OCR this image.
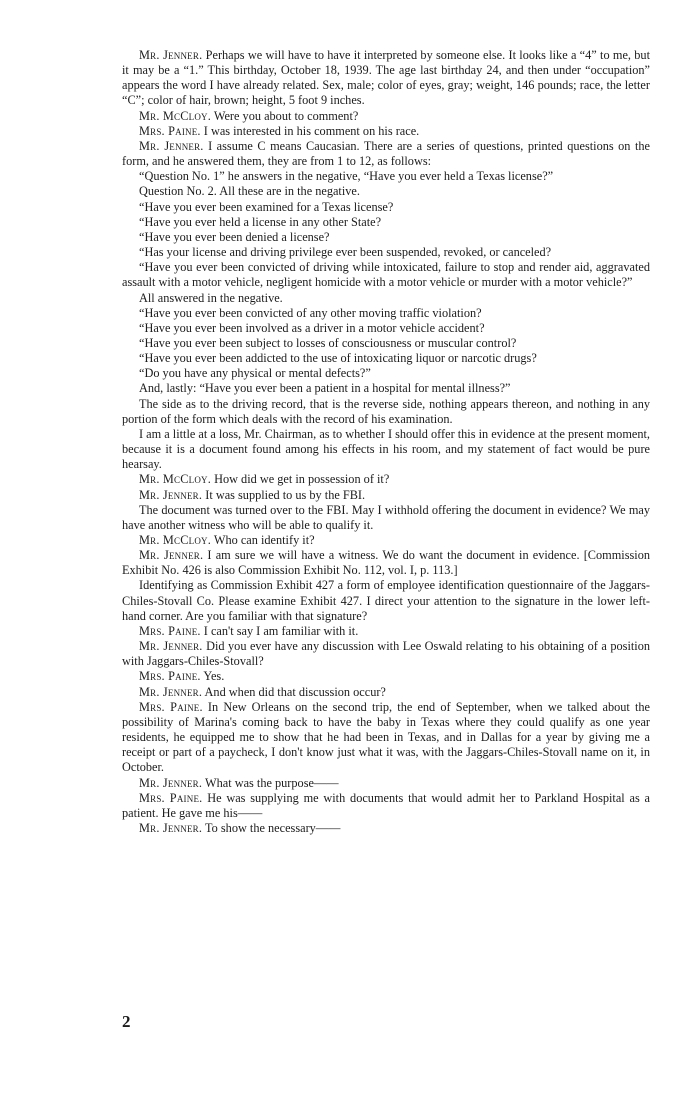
Mr. Jenner. Perhaps we will have to have it interpreted by someone else. It looks like a “4” to me, but it may be a “1.” This birthday, October 18, 1939. The age last birthday 24, and then under “occupation” appears the word I have already related. Sex, male; color of eyes, gray; weight, 146 pounds; race, the letter “C”; color of hair, brown; height, 5 foot 9 inches.

Mr. McCloy. Were you about to comment?

Mrs. Paine. I was interested in his comment on his race.

Mr. Jenner. I assume C means Caucasian. There are a series of questions, printed questions on the form, and he answered them, they are from 1 to 12, as follows:

“Question No. 1” he answers in the negative, “Have you ever held a Texas license?”

Question No. 2. All these are in the negative.

“Have you ever been examined for a Texas license?

“Have you ever held a license in any other State?

“Have you ever been denied a license?

“Has your license and driving privilege ever been suspended, revoked, or canceled?

“Have you ever been convicted of driving while intoxicated, failure to stop and render aid, aggravated assault with a motor vehicle, negligent homicide with a motor vehicle or murder with a motor vehicle?”

All answered in the negative.

“Have you ever been convicted of any other moving traffic violation?

“Have you ever been involved as a driver in a motor vehicle accident?

“Have you ever been subject to losses of consciousness or muscular control?

“Have you ever been addicted to the use of intoxicating liquor or narcotic drugs?

“Do you have any physical or mental defects?”

And, lastly: “Have you ever been a patient in a hospital for mental illness?”

The side as to the driving record, that is the reverse side, nothing appears thereon, and nothing in any portion of the form which deals with the record of his examination.

I am a little at a loss, Mr. Chairman, as to whether I should offer this in evidence at the present moment, because it is a document found among his effects in his room, and my statement of fact would be pure hearsay.

Mr. McCloy. How did we get in possession of it?

Mr. Jenner. It was supplied to us by the FBI.

The document was turned over to the FBI. May I withhold offering the document in evidence? We may have another witness who will be able to qualify it.

Mr. McCloy. Who can identify it?

Mr. Jenner. I am sure we will have a witness. We do want the document in evidence. [Commission Exhibit No. 426 is also Commission Exhibit No. 112, vol. I, p. 113.]

Identifying as Commission Exhibit 427 a form of employee identification questionnaire of the Jaggars-Chiles-Stovall Co. Please examine Exhibit 427. I direct your attention to the signature in the lower left-hand corner. Are you familiar with that signature?

Mrs. Paine. I can't say I am familiar with it.

Mr. Jenner. Did you ever have any discussion with Lee Oswald relating to his obtaining of a position with Jaggars-Chiles-Stovall?

Mrs. Paine. Yes.

Mr. Jenner. And when did that discussion occur?

Mrs. Paine. In New Orleans on the second trip, the end of September, when we talked about the possibility of Marina's coming back to have the baby in Texas where they could qualify as one year residents, he equipped me to show that he had been in Texas, and in Dallas for a year by giving me a receipt or part of a paycheck, I don't know just what it was, with the Jaggars-Chiles-Stovall name on it, in October.

Mr. Jenner. What was the purpose——

Mrs. Paine. He was supplying me with documents that would admit her to Parkland Hospital as a patient. He gave me his——

Mr. Jenner. To show the necessary——

2
